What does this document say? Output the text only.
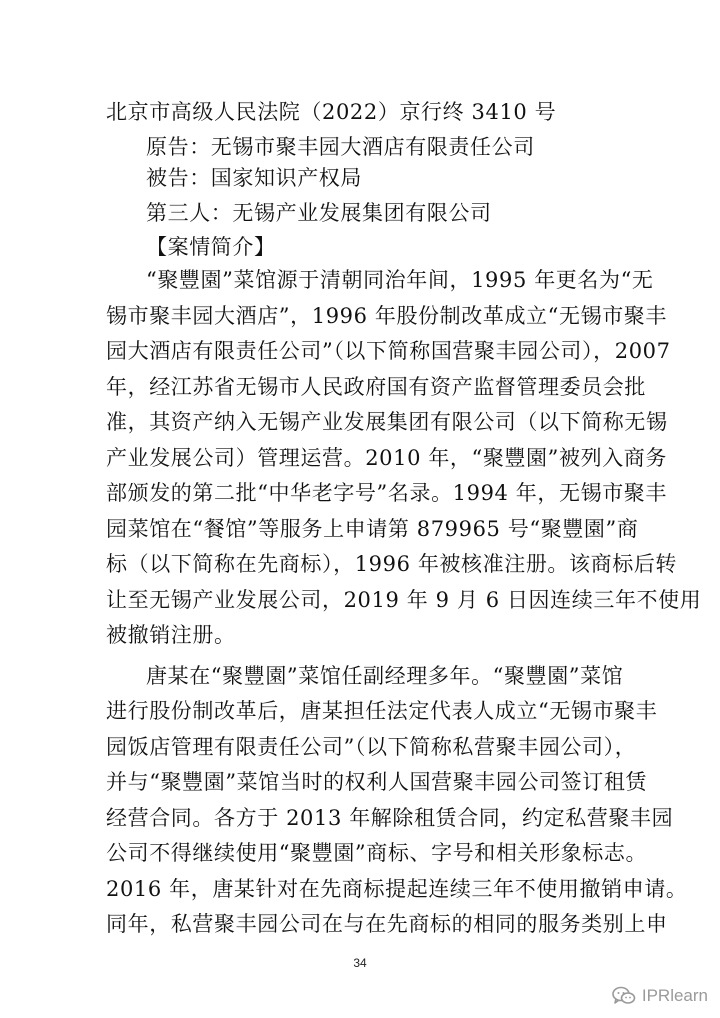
北京市高级人民法院（2022）京行终 3410 号
原告：无锡市聚丰园大酒店有限责任公司
被告：国家知识产权局
第三人：无锡产业发展集团有限公司
【案情简介】
“聚豐園”菜馆源于清朝同治年间，1995 年更名为“无
锡市聚丰园大酒店”，1996 年股份制改革成立“无锡市聚丰
园大酒店有限责任公司”（以下简称国营聚丰园公司），2007
年，经江苏省无锡市人民政府国有资产监督管理委员会批
准，其资产纳入无锡产业发展集团有限公司（以下简称无锡
产业发展公司）管理运营。2010 年，“聚豐園”被列入商务
部颁发的第二批“中华老字号”名录。1994 年，无锡市聚丰
园菜馆在“餐馆”等服务上申请第 879965 号“聚豐園”商
标（以下简称在先商标），1996 年被核准注册。该商标后转
让至无锡产业发展公司，2019 年 9 月 6 日因连续三年不使用
被撤销注册。
唐某在“聚豐園”菜馆任副经理多年。“聚豐園”菜馆
进行股份制改革后，唐某担任法定代表人成立“无锡市聚丰
园饭店管理有限责任公司”（以下简称私营聚丰园公司），
并与“聚豐園”菜馆当时的权利人国营聚丰园公司签订租赁
经营合同。各方于 2013 年解除租赁合同，约定私营聚丰园
公司不得继续使用“聚豐園”商标、字号和相关形象标志。
2016 年，唐某针对在先商标提起连续三年不使用撤销申请。
同年，私营聚丰园公司在与在先商标的相同的服务类别上申
34
IPRlearn
